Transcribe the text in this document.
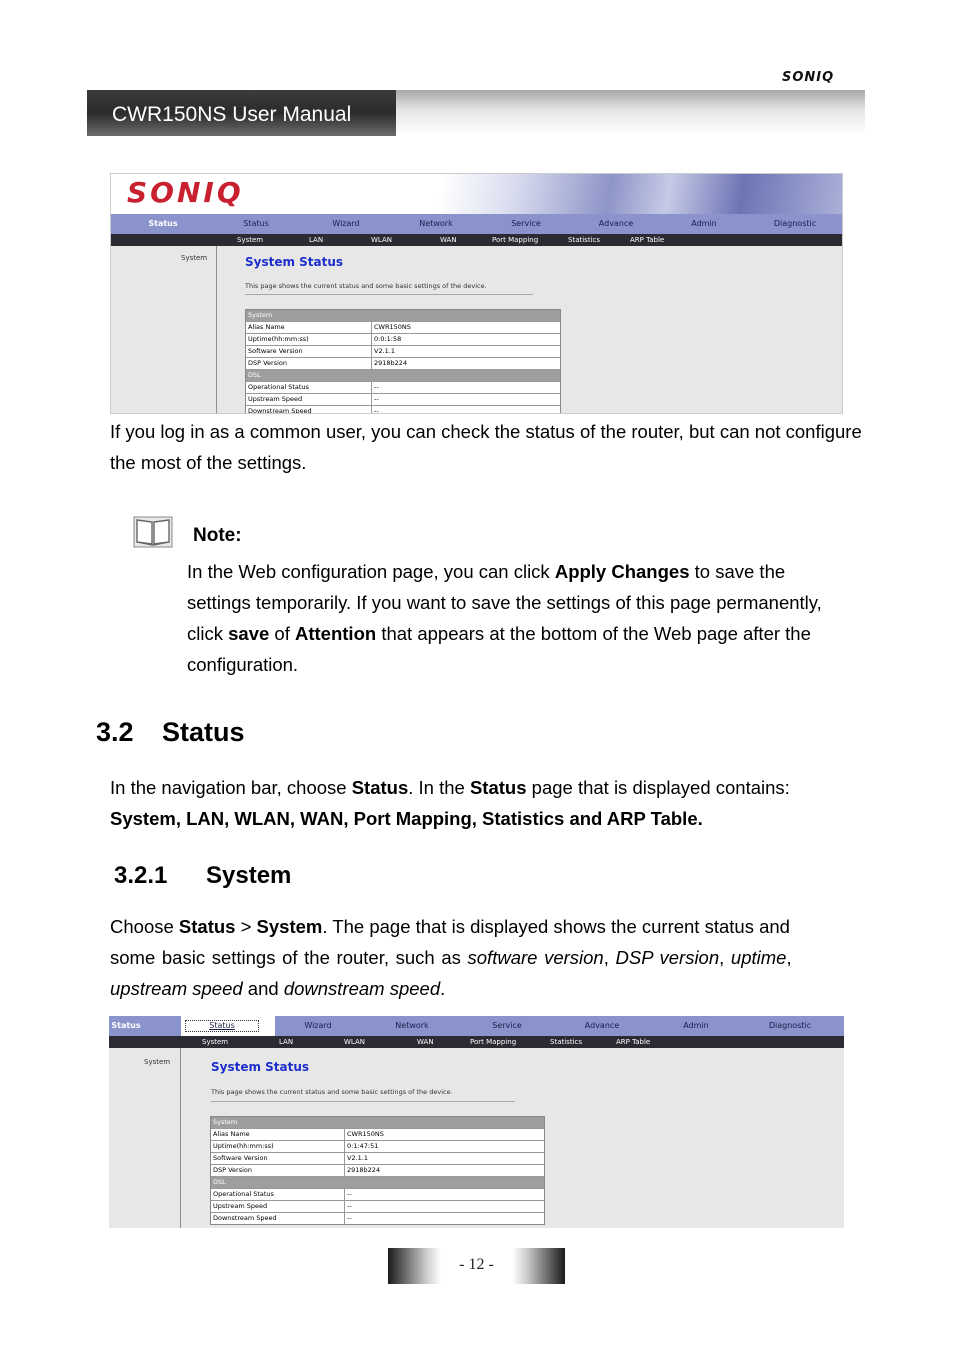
SONIQ
CWR150NS User Manual
SONIQ
Status	Status	Wizard	Network	Service	Advance	Admin	Diagnostic
System	LAN	WLAN	WAN	Port Mapping	Statistics	ARP Table
System	System Status
This page shows the current status and some basic settings of the device.
System
Alias Name	CWR150NS
Uptime(hh:mm:ss)	0:0:1:58
Software Version	V2.1.1
DSP Version	2918b224
DSL
Operational Status	--
Upstream Speed	--
Downstream Speed	--
If you log in as a common user, you can check the status of the router, but can not configure the most of the settings.
Note:
In the Web configuration page, you can click Apply Changes to save the
settings temporarily. If you want to save the settings of this page permanently,
click save of Attention that appears at the bottom of the Web page after the
configuration.
3.2 Status
In the navigation bar, choose Status. In the Status page that is displayed contains:
System, LAN, WLAN, WAN, Port Mapping, Statistics and ARP Table.
3.2.1 System
Choose Status > System. The page that is displayed shows the current status and
some basic settings of the router, such as software version, DSP version, uptime,
upstream speed and downstream speed.
Status	Status	Wizard	Network	Service	Advance	Admin	Diagnostic
System	LAN	WLAN	WAN	Port Mapping	Statistics	ARP Table
System	System Status
This page shows the current status and some basic settings of the device.
System
Alias Name	CWR150NS
Uptime(hh:mm:ss)	0:1:47:51
Software Version	V2.1.1
DSP Version	2918b224
DSL
Operational Status	--
Upstream Speed	--
Downstream Speed	--
- 12 -
